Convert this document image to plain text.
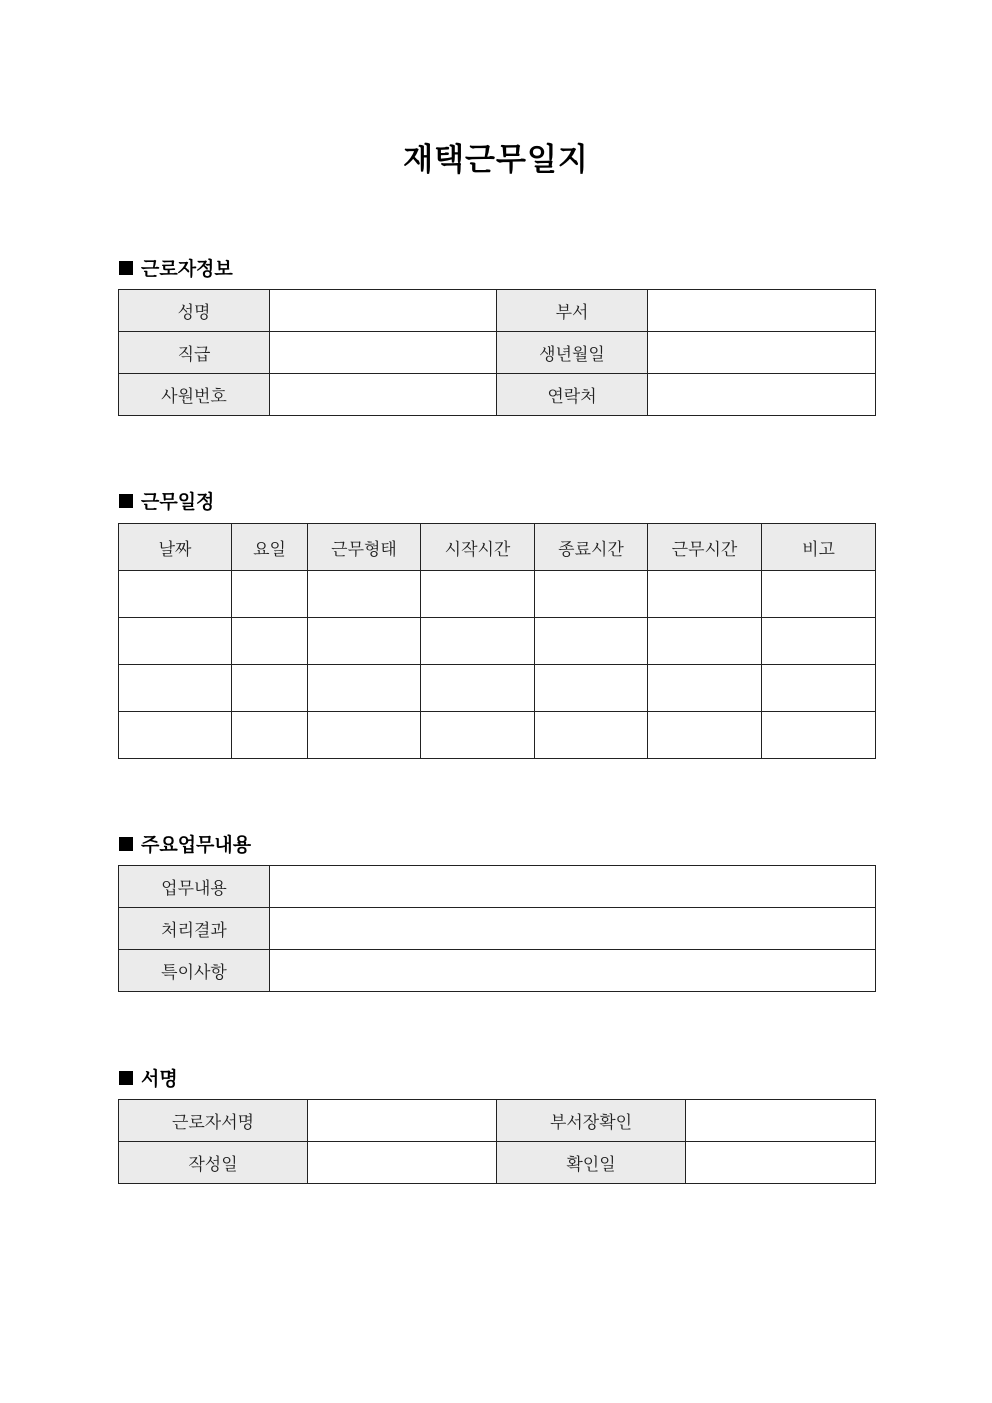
재택근무일지
근로자정보
성명		부서	
직급		생년월일	
사원번호		연락처	
근무일정
날짜	요일	근무형태	시작시간	종료시간	근무시간	비고

주요업무내용
업무내용	
처리결과	
특이사항	
서명
근로자서명		부서장확인	
작성일		확인일	
